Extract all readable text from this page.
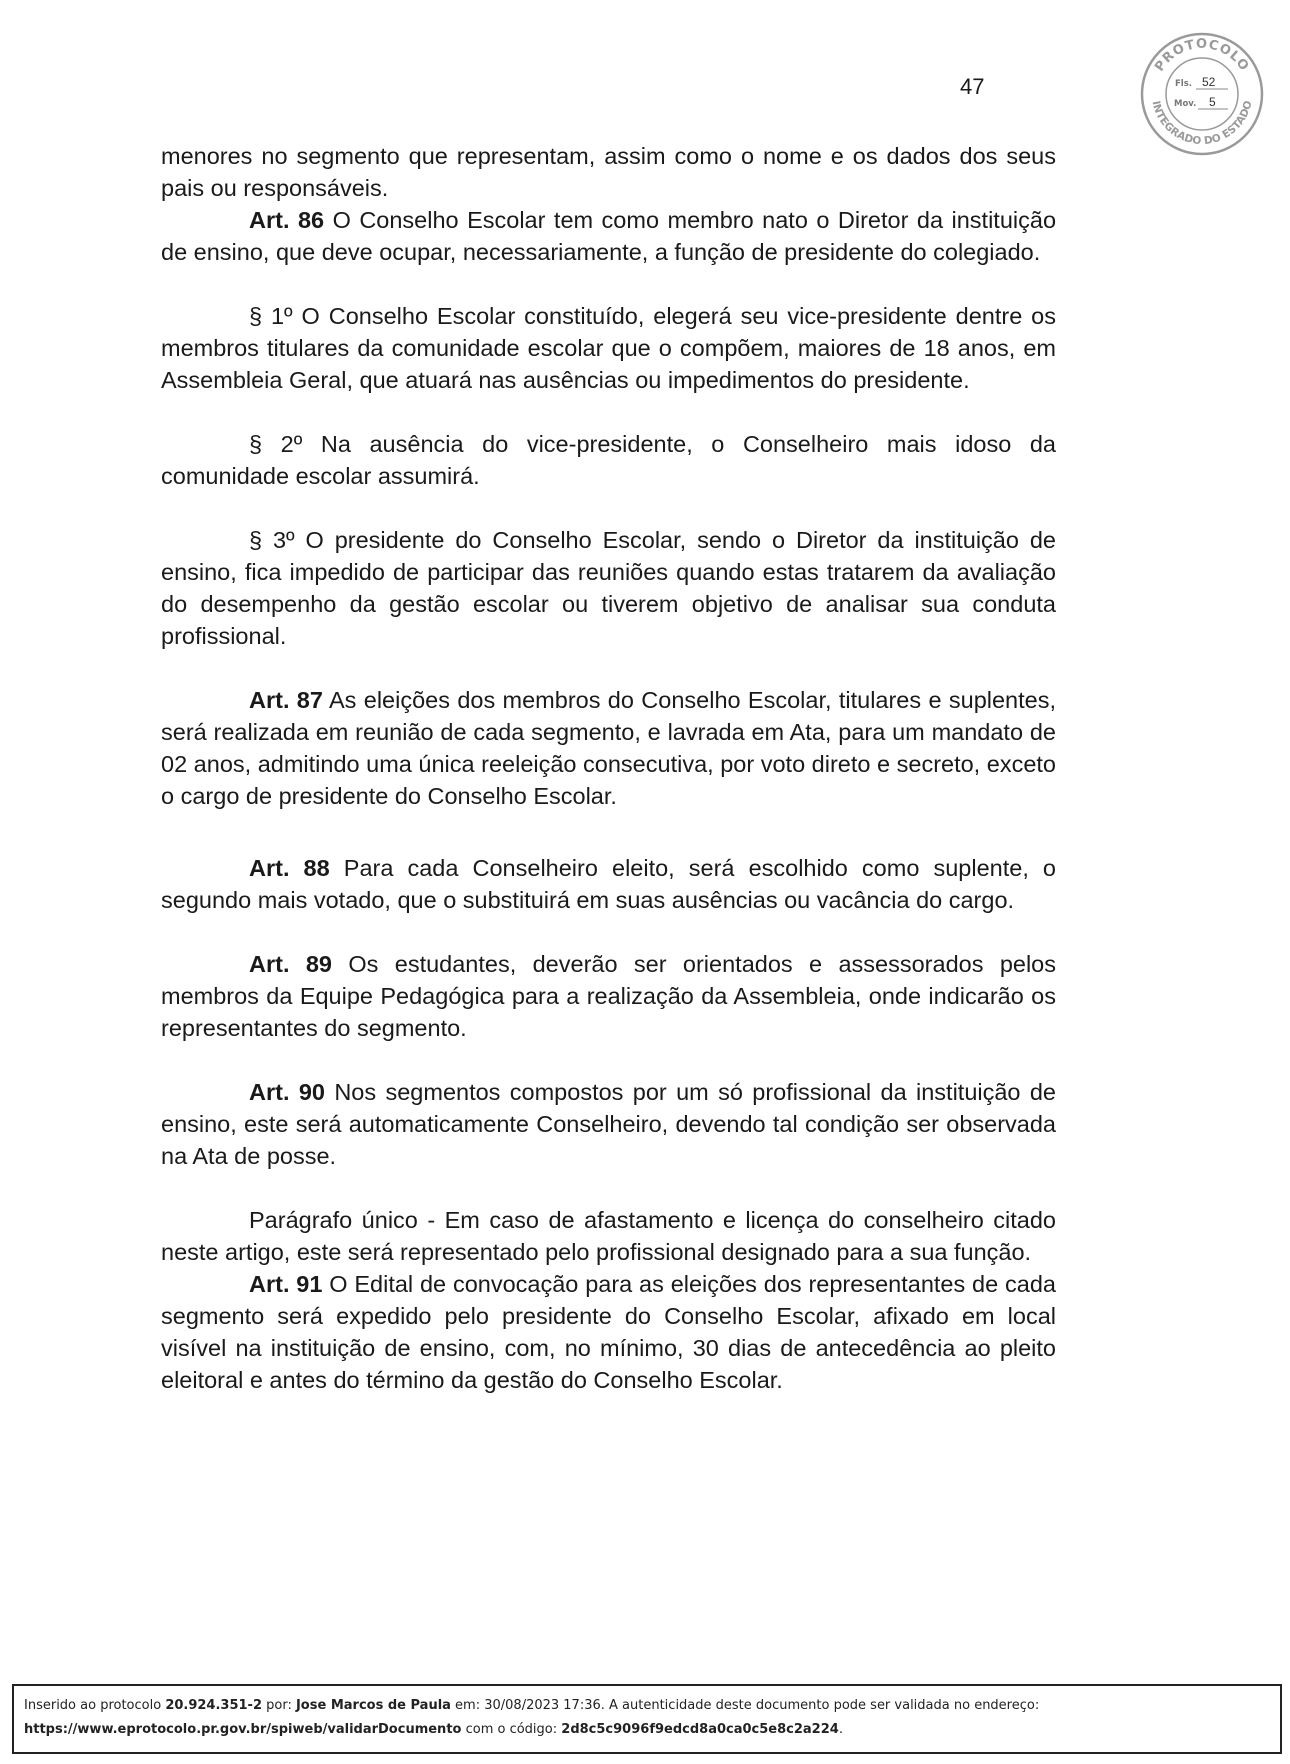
47
PROTOCOLO
INTEGRADO DO ESTADO
Fls. 52
Mov. 5

menores no segmento que representam, assim como o nome e os dados dos seus pais ou responsáveis.

Art. 86 O Conselho Escolar tem como membro nato o Diretor da instituição de ensino, que deve ocupar, necessariamente, a função de presidente do colegiado.

§ 1º O Conselho Escolar constituído, elegerá seu vice-presidente dentre os membros titulares da comunidade escolar que o compõem, maiores de 18 anos, em Assembleia Geral, que atuará nas ausências ou impedimentos do presidente.

§ 2º Na ausência do vice-presidente, o Conselheiro mais idoso da comunidade escolar assumirá.

§ 3º O presidente do Conselho Escolar, sendo o Diretor da instituição de ensino, fica impedido de participar das reuniões quando estas tratarem da avaliação do desempenho da gestão escolar ou tiverem objetivo de analisar sua conduta profissional.

Art. 87 As eleições dos membros do Conselho Escolar, titulares e suplentes, será realizada em reunião de cada segmento, e lavrada em Ata, para um mandato de 02 anos, admitindo uma única reeleição consecutiva, por voto direto e secreto, exceto o cargo de presidente do Conselho Escolar.

Art. 88 Para cada Conselheiro eleito, será escolhido como suplente, o segundo mais votado, que o substituirá em suas ausências ou vacância do cargo.

Art. 89 Os estudantes, deverão ser orientados e assessorados pelos membros da Equipe Pedagógica para a realização da Assembleia, onde indicarão os representantes do segmento.

Art. 90 Nos segmentos compostos por um só profissional da instituição de ensino, este será automaticamente Conselheiro, devendo tal condição ser observada na Ata de posse.

Parágrafo único - Em caso de afastamento e licença do conselheiro citado neste artigo, este será representado pelo profissional designado para a sua função.

Art. 91 O Edital de convocação para as eleições dos representantes de cada segmento será expedido pelo presidente do Conselho Escolar, afixado em local visível na instituição de ensino, com, no mínimo, 30 dias de antecedência ao pleito eleitoral e antes do término da gestão do Conselho Escolar.

Inserido ao protocolo 20.924.351-2 por: Jose Marcos de Paula em: 30/08/2023 17:36. A autenticidade deste documento pode ser validada no endereço:
https://www.eprotocolo.pr.gov.br/spiweb/validarDocumento com o código: 2d8c5c9096f9edcd8a0ca0c5e8c2a224.
